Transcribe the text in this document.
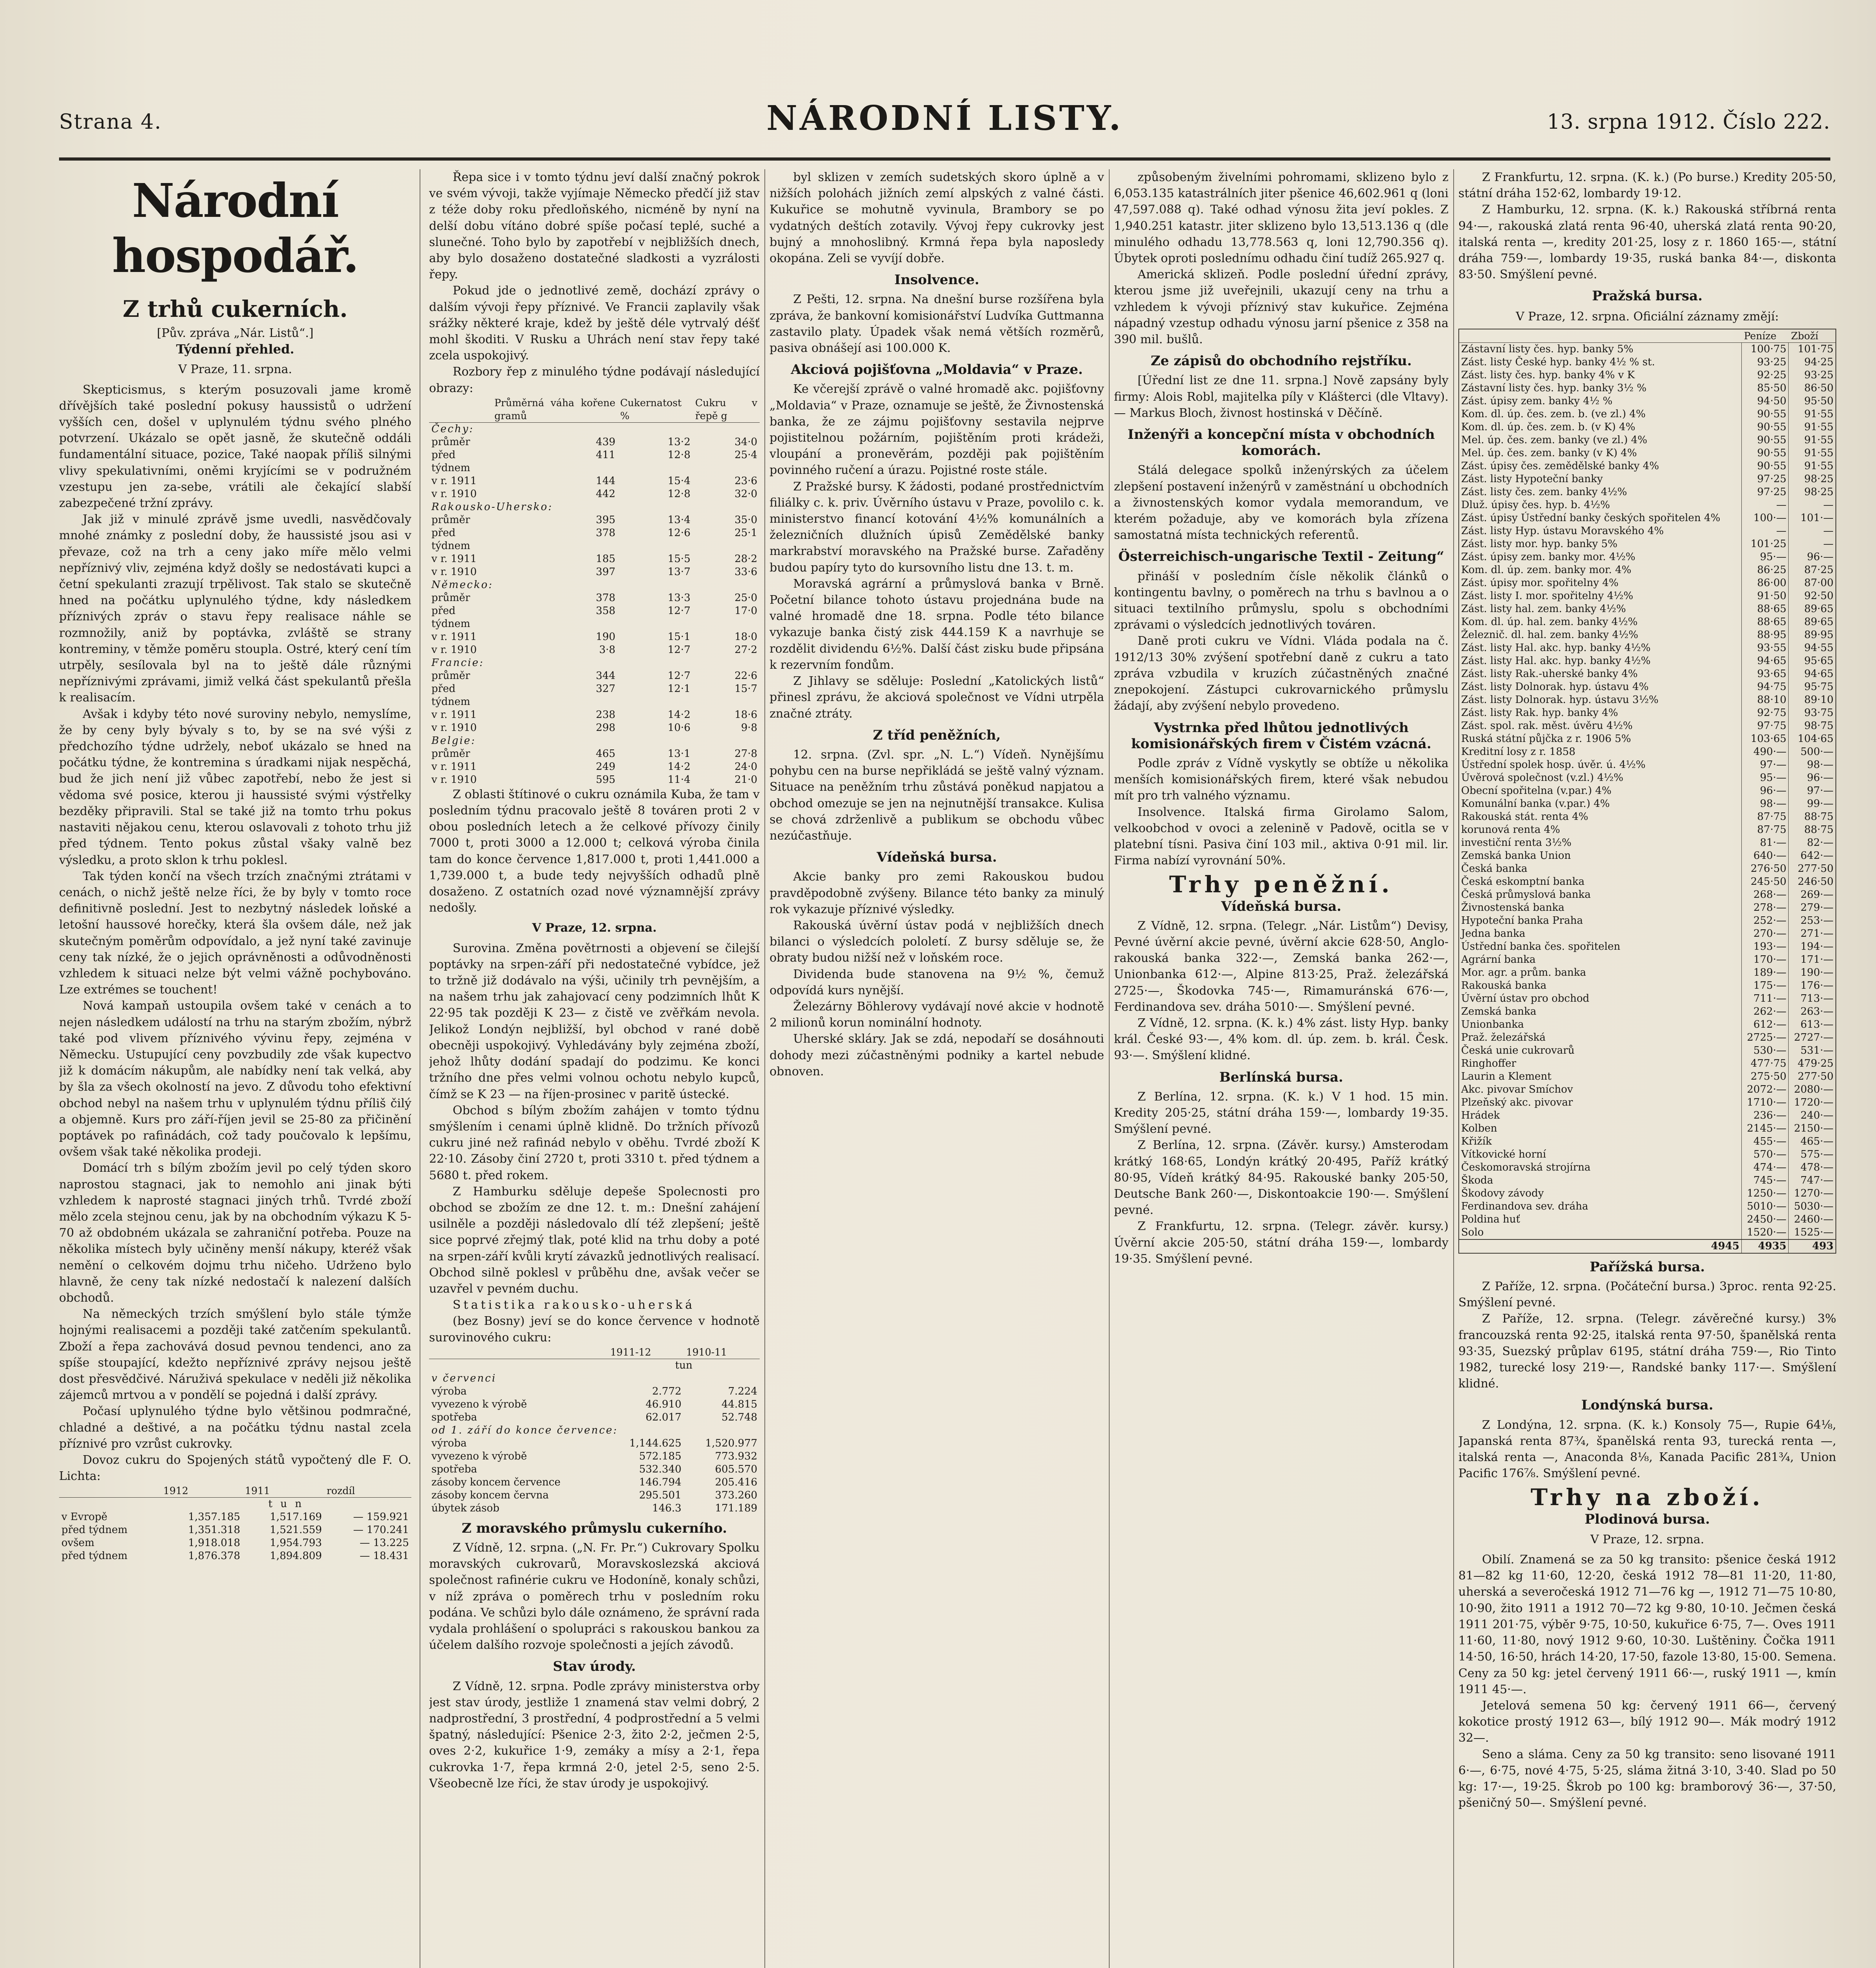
Strana 4.	NÁRODNÍ LISTY.	13. srpna 1912. Číslo 222.
Národní hospodář.
Z trhů cukerních.
[Pův. zpráva „Nár. Listů“.]
Týdenní přehled.
V Praze, 11. srpna.

Skepticismus, s kterým posuzovali jame kromě dřívějších také poslední pokusy haussistů o udržení vyšších cen, došel v uplynulém týdnu svého plného potvrzení. Ukázalo se opět jasně, že skutečně oddáli fundamentální situace, pozice, Také naopak příliš silnými vlivy spekulativními, oněmi kryjícími se v podružném vzestupu jen za-sebe, vrátili ale čekající slabší zabezpečené tržní zprávy.

Jak již v minulé zprávě jsme uvedli, nasvědčovaly mnohé známky z poslední doby, že haussisté jsou asi v převaze, což na trh a ceny jako míře mělo velmi nepříznivý vliv, zejména když došly se nedostávati kupci a četní spekulanti zrazují trpělivost. Tak stalo se skutečně hned na počátku uplynulého týdne, kdy následkem příznivých zpráv o stavu řepy realisace náhle se rozmnožily, aniž by poptávka, zvláště se strany kontreminy, v těmže poměru stoupla. Ostré, který cení tím utrpěly, sesílovala byl na to ještě dále různými nepříznivými zprávami, jimiž velká část spekulantů přešla k realisacím.

Avšak i kdyby této nové suroviny nebylo, nemyslíme, že by ceny byly bývaly s to, by se na své výši z předchozího týdne udržely, neboť ukázalo se hned na počátku týdne, že kontremina s úradkami nijak nespěchá, bud že jich není již vůbec zapotřebí, nebo že jest si vědoma své posice, kterou ji haussisté svými výstřelky bezděky připravili. Stal se také již na tomto trhu pokus nastaviti nějakou cenu, kterou oslavovali z tohoto trhu již před týdnem. Tento pokus zůstal všaky valně bez výsledku, a proto sklon k trhu poklesl.

Tak týden končí na všech trzích značnými ztrátami v cenách, o nichž ještě nelze říci, že by byly v tomto roce definitivně poslední. Jest to nezbytný následek loňské a letošní haussové horečky, která šla ovšem dále, než jak skutečným poměrům odpovídalo, a jež nyní také zavinuje ceny tak nízké, že o jejich oprávněnosti a odůvodněnosti vzhledem k situaci nelze být velmi vážně pochybováno. Lze extrémes se touchent!

Nová kampaň ustoupila ovšem také v cenách a to nejen následkem událostí na trhu na starým zbožím, nýbrž také pod vlivem příznivého vývinu řepy, zejména v Německu. Ustupující ceny povzbudily zde však kupectvo již k domácím nákupům, ale nabídky není tak velká, aby by šla za všech okolností na jevo. Z důvodu toho efektivní obchod nebyl na našem trhu v uplynulém týdnu příliš čilý a objemně. Kurs pro září-říjen jevil se 25-80 za přičinění poptávek po rafinádách, což tady poučovalo k lepšímu, ovšem však také několika prodeji.

Domácí trh s bílým zbožím jevil po celý týden skoro naprostou stagnaci, jak to nemohlo ani jinak býti vzhledem k naprosté stagnaci jiných trhů. Tvrdé zboží mělo zcela stejnou cenu, jak by na obchodním výkazu K 5-70 až obdobném ukázala se zahraniční potřeba. Pouze na několika místech byly učiněny menší nákupy, kteréž však nemění o celkovém dojmu trhu ničeho. Udrženo bylo hlavně, že ceny tak nízké nedostačí k nalezení dalších obchodů.

Na německých trzích smýšlení bylo stále týmže hojnými realisacemi a později také zatčením spekulantů. Zboží a řepa zachovává dosud pevnou tendenci, ano za spíše stoupající, kdežto nepříznivé zprávy nejsou ještě dost přesvědčivé. Náruživá spekulace v neděli již několika zájemců mrtvou a v pondělí se pojedná i další zprávy.

Počasí uplynulého týdne bylo většinou podmračné, chladné a deštivé, a na počátku týdnu nastal zcela příznivé pro vzrůst cukrovky.

Dovoz cukru do Spojených států vypočtený dle F. O. Lichta:

	1912	1911	rozdíl
	t u n		
v Evropě	1,357.185	1,517.169	— 159.921
před týdnem	1,351.318	1,521.559	— 170.241
ovšem	1,918.018	1,954.793	— 13.225
před týdnem	1,876.378	1,894.809	— 18.431

Řepa sice i v tomto týdnu jeví další značný pokrok ve svém vývoji, takže vyjímaje Německo předčí již stav z téže doby roku předloňského, nicméně by nyní na delší dobu vítáno dobré spíše počasí teplé, suché a slunečné. Toho bylo by zapotřebí v nejbližších dnech, aby bylo dosaženo dostatečné sladkosti a vyzrálosti řepy.

Pokud jde o jednotlivé země, dochází zprávy o dalším vývoji řepy příznivé. Ve Francii zaplavily však srážky některé kraje, kdež by ještě déle vytrvalý déšť mohl škoditi. V Rusku a Uhrách není stav řepy také zcela uspokojivý.

Rozbory řep z minulého týdne podávají následující obrazy:

	Průměrná váha kořene gramů	Cukernatost %	Cukru v řepě g
Čechy:			
průměr	439	13·2	34·0
před týdnem	411	12·8	25·4
v r. 1911	144	15·4	23·6
v r. 1910	442	12·8	32·0
Rakousko-Uhersko:			
průměr	395	13·4	35·0
před týdnem	378	12·6	25·1
v r. 1911	185	15·5	28·2
v r. 1910	397	13·7	33·6
Německo:			
průměr	378	13·3	25·0
před týdnem	358	12·7	17·0
v r. 1911	190	15·1	18·0
v r. 1910	3·8	12·7	27·2
Francie:			
průměr	344	12·7	22·6
před týdnem	327	12·1	15·7
v r. 1911	238	14·2	18·6
v r. 1910	298	10·6	9·8
Belgie:			
průměr	465	13·1	27·8
v r. 1911	249	14·2	24·0
v r. 1910	595	11·4	21·0

Z oblasti štítinové o cukru oznámila Kuba, že tam v posledním týdnu pracovalo ještě 8 továren proti 2 v obou posledních letech a že celkové přívozy činily 7000 t, proti 3000 a 12.000 t; celková výroba činila tam do konce července 1,817.000 t, proti 1,441.000 a 1,739.000 t, a bude tedy nejvyšších odhadů plně dosaženo. Z ostatních ozad nové významnější zprávy nedošly.

V Praze, 12. srpna.

Surovina. Změna povětrnosti a objevení se čilejší poptávky na srpen-září při nedostatečné vybídce, jež to tržně již dodávalo na výši, učinily trh pevnějším, a na našem trhu jak zahajovací ceny podzimních lhůt K 22·95 tak později K 23— z čistě ve zvěřkám nevola. Jelikož Londýn nejbližší, byl obchod v rané době obecněji uspokojivý. Vyhledávány byly zejména zboží, jehož lhůty dodání spadají do podzimu. Ke konci tržního dne přes velmi volnou ochotu nebylo kupců, čímž se K 23 — na říjen-prosinec v paritě ústecké.

Obchod s bílým zbožím zahájen v tomto týdnu smýšlením i cenami úplně klidně. Do tržních přívozů cukru jiné než rafinád nebylo v oběhu. Tvrdé zboží K 22·10. Zásoby činí 2720 t, proti 3310 t. před týdnem a 5680 t. před rokem.

Z Hamburku sděluje depeše Spolecnosti pro obchod se zbožím ze dne 12. t. m.: Dnešní zahájení usilněle a později následovalo dlí též zlepšení; ještě sice poprvé zřejmý tlak, poté klid na trhu doby a poté na srpen-září kvůli krytí závazků jednotlivých realisací. Obchod silně poklesl v průběhu dne, avšak večer se uzavřel v pevném duchu.

Statistika rakousko-uherská

(bez Bosny) jeví se do konce července v hodnotě surovinového cukru:

	1911-12	1910-11
	tun	
v červenci		
výroba	2.772	7.224
vyvezeno k výrobě	46.910	44.815
spotřeba	62.017	52.748
od 1. září do konce července:		
výroba	1,144.625	1,520.977
vyvezeno k výrobě	572.185	773.932
spotřeba	532.340	605.570
zásoby koncem července	146.794	205.416
zásoby koncem června	295.501	373.260
úbytek zásob	146.3	171.189
Z moravského průmyslu cukerního.

Z Vídně, 12. srpna. („N. Fr. Pr.“) Cukrovary Spolku moravských cukrovarů, Moravskoslezská akciová společnost rafinérie cukru ve Hodoníně, konaly schůzi, v níž zpráva o poměrech trhu v posledním roku podána. Ve schůzi bylo dále oznámeno, že správní rada vydala prohlášení o spolupráci s rakouskou bankou za účelem dalšího rozvoje společnosti a jejích závodů.

Stav úrody.

Z Vídně, 12. srpna. Podle zprávy ministerstva orby jest stav úrody, jestliže 1 znamená stav velmi dobrý, 2 nadprostřední, 3 prostřední, 4 podprostřední a 5 velmi špatný, následující: Pšenice 2·3, žito 2·2, ječmen 2·5, oves 2·2, kukuřice 1·9, zemáky a mísy a 2·1, řepa cukrovka 1·7, řepa krmná 2·0, jetel 2·5, seno 2·5. Všeobecně lze říci, že stav úrody je uspokojivý.

byl sklizen v zemích sudetských skoro úplně a v nižších polohách jižních zemí alpských z valné části. Kukuřice se mohutně vyvinula, Brambory se po vydatných deštích zotavily. Vývoj řepy cukrovky jest bujný a mnohoslibný. Krmná řepa byla naposledy okopána. Zeli se vyvíjí dobře.

Insolvence.

Z Pešti, 12. srpna. Na dnešní burse rozšířena byla zpráva, že bankovní komisionářství Ludvíka Guttmanna zastavilo platy. Úpadek však nemá větších rozměrů, pasiva obnášejí asi 100.000 K.

Akciová pojišťovna „Moldavia“ v Praze.

Ke včerejší zprávě o valné hromadě akc. pojišťovny „Moldavia“ v Praze, oznamuje se ještě, že Živnostenská banka, že ze zájmu pojišťovny sestavila nejprve pojistitelnou požárním, pojištěním proti krádeži, vloupání a pronevěrám, později pak pojištěním povinného ručení a úrazu. Pojistné roste stále.

Z Pražské bursy. K žádosti, podané prostřednictvím filiálky c. k. priv. Úvěrního ústavu v Praze, povolilo c. k. ministerstvo financí kotování 4½% komunálních a železničních dlužních úpisů Zemědělské banky markrabství moravského na Pražské burse. Zařaděny budou papíry tyto do kursovního listu dne 13. t. m.

Moravská agrární a průmyslová banka v Brně. Početní bilance tohoto ústavu projednána bude na valné hromadě dne 18. srpna. Podle této bilance vykazuje banka čistý zisk 444.159 K a navrhuje se rozdělit dividendu 6½%. Další část zisku bude připsána k rezervním fondům.

Z Jihlavy se sděluje: Poslední „Katolických listů“ přinesl zprávu, že akciová společnost ve Vídni utrpěla značné ztráty.

Z tříd peněžních,

12. srpna. (Zvl. spr. „N. L.“) Vídeň. Nynějšímu pohybu cen na burse nepřikládá se ještě valný význam. Situace na peněžním trhu zůstává poněkud napjatou a obchod omezuje se jen na nejnutnější transakce. Kulisa se chová zdrženlivě a publikum se obchodu vůbec nezúčastňuje.

Vídeňská bursa.

Akcie banky pro zemi Rakouskou budou pravděpodobně zvýšeny. Bilance této banky za minulý rok vykazuje příznivé výsledky.

Rakouská úvěrní ústav podá v nejbližších dnech bilanci o výsledcích pololetí. Z bursy sděluje se, že obraty budou nižší než v loňském roce.

Dividenda bude stanovena na 9½ %, čemuž odpovídá kurs nynější.

Železárny Böhlerovy vydávají nové akcie v hodnotě 2 milionů korun nominální hodnoty.

Uherské skláry. Jak se zdá, nepodaří se dosáhnouti dohody mezi zúčastněnými podniky a kartel nebude obnoven.

způsobeným živelními pohromami, sklizeno bylo z 6,053.135 katastrálních jiter pšenice 46,602.961 q (loni 47,597.088 q). Také odhad výnosu žita jeví pokles. Z 1,940.251 katastr. jiter sklizeno bylo 13,513.136 q (dle minulého odhadu 13,778.563 q, loni 12,790.356 q). Úbytek oproti poslednímu odhadu činí tudíž 265.927 q.

Americká sklizeň. Podle poslední úřední zprávy, kterou jsme již uveřejnili, ukazují ceny na trhu a vzhledem k vývoji příznivý stav kukuřice. Zejména nápadný vzestup odhadu výnosu jarní pšenice z 358 na 390 mil. bušlů.

Ze zápisů do obchodního rejstříku.

[Úřední list ze dne 11. srpna.] Nově zapsány byly firmy: Alois Robl, majitelka píly v Klášterci (dle Vltavy). — Markus Bloch, živnost hostinská v Děčíně.

Inženýři a koncepční místa v obchodních komorách.

Stálá delegace spolků inženýrských za účelem zlepšení postavení inženýrů v zaměstnání u obchodních a živnostenských komor vydala memorandum, ve kterém požaduje, aby ve komorách byla zřízena samostatná místa technických referentů.

Österreichisch-ungarische Textil - Zeitung“

přináší v posledním čísle několik článků o kontingentu bavlny, o poměrech na trhu s bavlnou a o situaci textilního průmyslu, spolu s obchodními zprávami o výsledcích jednotlivých továren.

Daně proti cukru ve Vídni. Vláda podala na č. 1912/13 30% zvýšení spotřební daně z cukru a tato zpráva vzbudila v kruzích zúčastněných značné znepokojení. Zástupci cukrovarnického průmyslu žádají, aby zvýšení nebylo provedeno.

Vystrnka před lhůtou jednotlivých komisionářských firem v Čistém vzácná.

Podle zpráv z Vídně vyskytly se obtíže u několika menších komisionářských firem, které však nebudou mít pro trh valného významu.

Insolvence. Italská firma Girolamo Salom, velkoobchod v ovoci a zelenině v Padově, ocitla se v platební tísni. Pasiva činí 103 mil., aktiva 0·91 mil. lir. Firma nabízí vyrovnání 50%.

Trhy peněžní.
Vídeňská bursa.

Z Vídně, 12. srpna. (Telegr. „Nár. Listům“) Devisy, Pevné úvěrní akcie pevné, úvěrní akcie 628·50, Anglo-rakouská banka 322·—, Zemská banka 262·—, Unionbanka 612·—, Alpine 813·25, Praž. železářská 2725·—, Škodovka 745·—, Rimamuránská 676·—, Ferdinandova sev. dráha 5010·—. Smýšlení pevné.

Z Vídně, 12. srpna. (K. k.) 4% zást. listy Hyp. banky král. České 93·—, 4% kom. dl. úp. zem. b. král. Česk. 93·—. Smýšlení klidné.

Berlínská bursa.

Z Berlína, 12. srpna. (K. k.) V 1 hod. 15 min. Kredity 205·25, státní dráha 159·—, lombardy 19·35. Smýšlení pevné.

Z Berlína, 12. srpna. (Závěr. kursy.) Amsterodam krátký 168·65, Londýn krátký 20·495, Paříž krátký 80·95, Vídeň krátký 84·95. Rakouské banky 205·50, Deutsche Bank 260·—, Diskontoakcie 190·—. Smýšlení pevné.

Z Frankfurtu, 12. srpna. (Telegr. závěr. kursy.) Úvěrní akcie 205·50, státní dráha 159·—, lombardy 19·35. Smýšlení pevné.

Z Frankfurtu, 12. srpna. (K. k.) (Po burse.) Kredity 205·50, státní dráha 152·62, lombardy 19·12.

Z Hamburku, 12. srpna. (K. k.) Rakouská stříbrná renta 94·—, rakouská zlatá renta 96·40, uherská zlatá renta 90·20, italská renta —, kredity 201·25, losy z r. 1860 165·—, státní dráha 759·—, lombardy 19·35, ruská banka 84·—, diskonta 83·50. Smýšlení pevné.

Pražská bursa.
V Praze, 12. srpna. Oficiální záznamy změjí:
	Peníze	Zboží
Zástavní listy čes. hyp. banky 5%	100·75	101·75
Zást. listy České hyp. banky 4½ % st.	93·25	94·25
Zást. listy čes. hyp. banky 4% v K	92·25	93·25
Zástavní listy čes. hyp. banky 3½ %	85·50	86·50
Zást. úpisy zem. banky 4½ %	94·50	95·50
Kom. dl. úp. čes. zem. b. (ve zl.) 4%	90·55	91·55
Kom. dl. úp. čes. zem. b. (v K) 4%	90·55	91·55
Mel. úp. čes. zem. banky (ve zl.) 4%	90·55	91·55
Mel. úp. čes. zem. banky (v K) 4%	90·55	91·55
Zást. úpisy čes. zemědělské banky 4%	90·55	91·55
Zást. listy Hypoteční banky	97·25	98·25
Zást. listy čes. zem. banky 4½%	97·25	98·25
Dluž. úpisy čes. hyp. b. 4½%	—	—
Zást. úpisy Ústřední banky českých spořitelen 4%	100·—	101·—
Zást. listy Hyp. ústavu Moravského 4%	—	—
Zást. listy mor. hyp. banky 5%	101·25	—
Zást. úpisy zem. banky mor. 4½%	95·—	96·—
Kom. dl. úp. zem. banky mor. 4%	86·25	87·25
Zást. úpisy mor. spořitelny 4%	86·00	87·00
Zást. listy I. mor. spořitelny 4½%	91·50	92·50
Zást. listy hal. zem. banky 4½%	88·65	89·65
Kom. dl. úp. hal. zem. banky 4½%	88·65	89·65
Železnič. dl. hal. zem. banky 4½%	88·95	89·95
Zást. listy Hal. akc. hyp. banky 4½%	93·55	94·55
Zást. listy Hal. akc. hyp. banky 4½%	94·65	95·65
Zást. listy Rak.-uherské banky 4%	93·65	94·65
Zást. listy Dolnorak. hyp. ústavu 4%	94·75	95·75
Zást. listy Dolnorak. hyp. ústavu 3½%	88·10	89·10
Zást. listy Rak. hyp. banky 4%	92·75	93·75
Zást. spol. rak. měst. úvěru 4½%	97·75	98·75
Ruská státní půjčka z r. 1906 5%	103·65	104·65
Kreditní losy z r. 1858	490·—	500·—
Ústřední spolek hosp. úvěr. ú. 4½%	97·—	98·—
Úvěrová společnost (v.zl.) 4½%	95·—	96·—
Obecní spořitelna (v.par.) 4%	96·—	97·—
Komunální banka (v.par.) 4%	98·—	99·—
Rakouská stát. renta 4%	87·75	88·75
korunová renta 4%	87·75	88·75
investiční renta 3½%	81·—	82·—
Zemská banka Union	640·—	642·—
Česká banka	276·50	277·50
Česká eskomptní banka	245·50	246·50
Česká průmyslová banka	268·—	269·—
Živnostenská banka	278·—	279·—
Hypoteční banka Praha	252·—	253·—
Jedna banka	270·—	271·—
Ústřední banka čes. spořitelen	193·—	194·—
Agrární banka	170·—	171·—
Mor. agr. a prům. banka	189·—	190·—
Rakouská banka	175·—	176·—
Úvěrní ústav pro obchod	711·—	713·—
Zemská banka	262·—	263·—
Unionbanka	612·—	613·—
Praž. železářská	2725·—	2727·—
Česká unie cukrovarů	530·—	531·—
Ringhoffer	477·75	479·25
Laurin a Klement	275·50	277·50
Akc. pivovar Smíchov	2072·—	2080·—
Plzeňský akc. pivovar	1710·—	1720·—
Hrádek	236·—	240·—
Kolben	2145·—	2150·—
Křižík	455·—	465·—
Vítkovické horní	570·—	575·—
Českomoravská strojírna	474·—	478·—
Škoda	745·—	747·—
Škodovy závody	1250·—	1270·—
Ferdinandova sev. dráha	5010·—	5030·—
Poldina huť	2450·—	2460·—
Solo	1520·—	1525·—
4945	4935	493
Pařížská bursa.

Z Paříže, 12. srpna. (Počáteční bursa.) 3proc. renta 92·25. Smýšlení pevné.

Z Paříže, 12. srpna. (Telegr. závěrečné kursy.) 3% francouzská renta 92·25, italská renta 97·50, španělská renta 93·35, Suezský průplav 6195, státní dráha 759·—, Rio Tinto 1982, turecké losy 219·—, Randské banky 117·—. Smýšlení klidné.

Londýnská bursa.

Z Londýna, 12. srpna. (K. k.) Konsoly 75—, Rupie 64⅛, Japanská renta 87¾, španělská renta 93, turecká renta —, italská renta —, Anaconda 8⅛, Kanada Pacific 281¾, Union Pacific 176⅞. Smýšlení pevné.

Trhy na zboží.
Plodinová bursa.
V Praze, 12. srpna.

Obilí. Znamená se za 50 kg transito: pšenice česká 1912 81—82 kg 11·60, 12·20, česká 1912 78—81 11·20, 11·80, uherská a severočeská 1912 71—76 kg —, 1912 71—75 10·80, 10·90, žito 1911 a 1912 70—72 kg 9·80, 10·10. Ječmen česká 1911 201·75, výběr 9·75, 10·50, kukuřice 6·75, 7—. Oves 1911 11·60, 11·80, nový 1912 9·60, 10·30. Luštěniny. Čočka 1911 14·50, 16·50, hrách 14·20, 17·50, fazole 13·80, 15·00. Semena. Ceny za 50 kg: jetel červený 1911 66·—, ruský 1911 —, kmín 1911 45·—.

Jetelová semena 50 kg: červený 1911 66—, červený kokotice prostý 1912 63—, bílý 1912 90—. Mák modrý 1912 32—.

Seno a sláma. Ceny za 50 kg transito: seno lisované 1911 6·—, 6·75, nové 4·75, 5·25, sláma žitná 3·10, 3·40. Slad po 50 kg: 17·—, 19·25. Škrob po 100 kg: bramborový 36·—, 37·50, pšeničný 50—. Smýšlení pevné.
